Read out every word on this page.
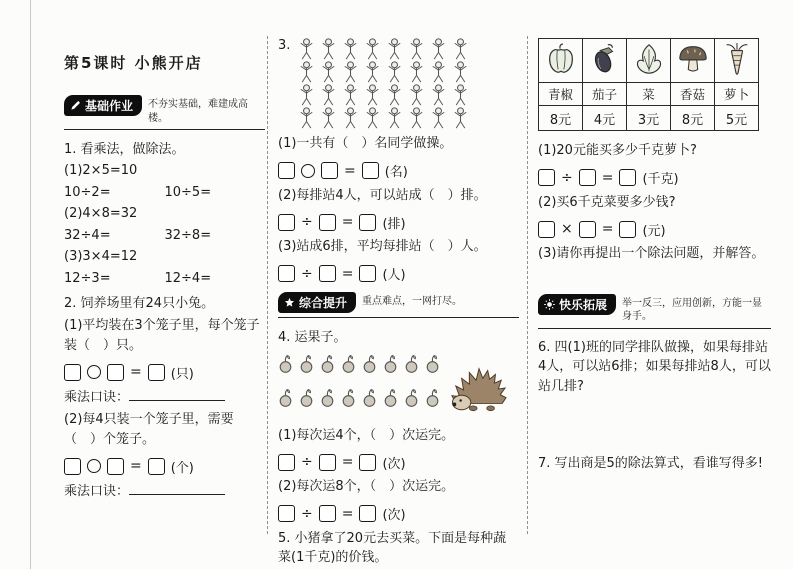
第5课时 小熊开店
基础作业 不夯实基础，难建成高楼。
1. 看乘法，做除法。
(1)2×5=10
10÷2=	10÷5=
(2)4×8=32
32÷4=	32÷8=
(3)3×4=12
12÷3=	12÷4=
2. 饲养场里有24只小兔。
(1)平均装在3个笼子里，每个笼子装（　）只。
= (只)
乘法口诀：
(2)每4只装一个笼子里，需要（　）个笼子。
= (个)
乘法口诀：
3.
(1)一共有（　）名同学做操。
= (名)
(2)每排站4人，可以站成（　）排。
÷ = (排)
(3)站成6排，平均每排站（　）人。
÷ = (人)
综合提升 重点难点，一网打尽。
4. 运果子。
(1)每次运4个，（　）次运完。
÷ = (次)
(2)每次运8个，（　）次运完。
÷ = (次)
5. 小猪拿了20元去买菜。下面是每种蔬菜(1千克)的价钱。

青椒	茄子	菜	香菇	萝卜
8元	4元	3元	8元	5元
(1)20元能买多少千克萝卜?
÷ = (千克)
(2)买6千克菜要多少钱?
× = (元)
(3)请你再提出一个除法问题，并解答。
快乐拓展 举一反三，应用创新，方能一显身手。
6. 四(1)班的同学排队做操，如果每排站4人，可以站6排；如果每排站8人，可以站几排?
7. 写出商是5的除法算式，看谁写得多!
